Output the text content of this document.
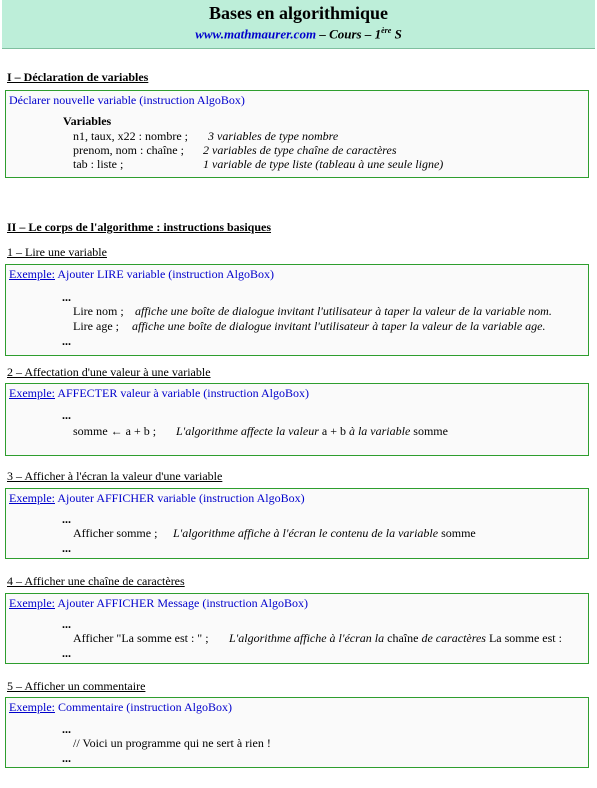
Bases en algorithmique
www.mathmaurer.com – Cours – 1ère S
I – Déclaration de variables
Déclarer nouvelle variable (instruction AlgoBox)
Variables
n1, taux, x22 : nombre ; 3 variables de type nombre
prenom, nom : chaîne ; 2 variables de type chaîne de caractères
tab : liste ;	1 variable de type liste (tableau à une seule ligne)
II – Le corps de l'algorithme : instructions basiques
1 – Lire une variable
Exemple: Ajouter LIRE variable (instruction AlgoBox)
...
Lire nom ; affiche une boîte de dialogue invitant l'utilisateur à taper la valeur de la variable nom.
Lire age ; affiche une boîte de dialogue invitant l'utilisateur à taper la valeur de la variable age.
...
2 – Affectation d'une valeur à une variable
Exemple: AFFECTER valeur à variable (instruction AlgoBox)
...
somme ← a + b ; L'algorithme affecte la valeur a + b à la variable somme
3 – Afficher à l'écran la valeur d'une variable
Exemple: Ajouter AFFICHER variable (instruction AlgoBox)
...
Afficher somme ; L'algorithme affiche à l'écran le contenu de la variable somme
...
4 – Afficher une chaîne de caractères
Exemple: Ajouter AFFICHER Message (instruction AlgoBox)
...
Afficher "La somme est : " ; L'algorithme affiche à l'écran la chaîne de caractères La somme est :
...
5 – Afficher un commentaire
Exemple: Commentaire (instruction AlgoBox)
...
// Voici un programme qui ne sert à rien !
...
